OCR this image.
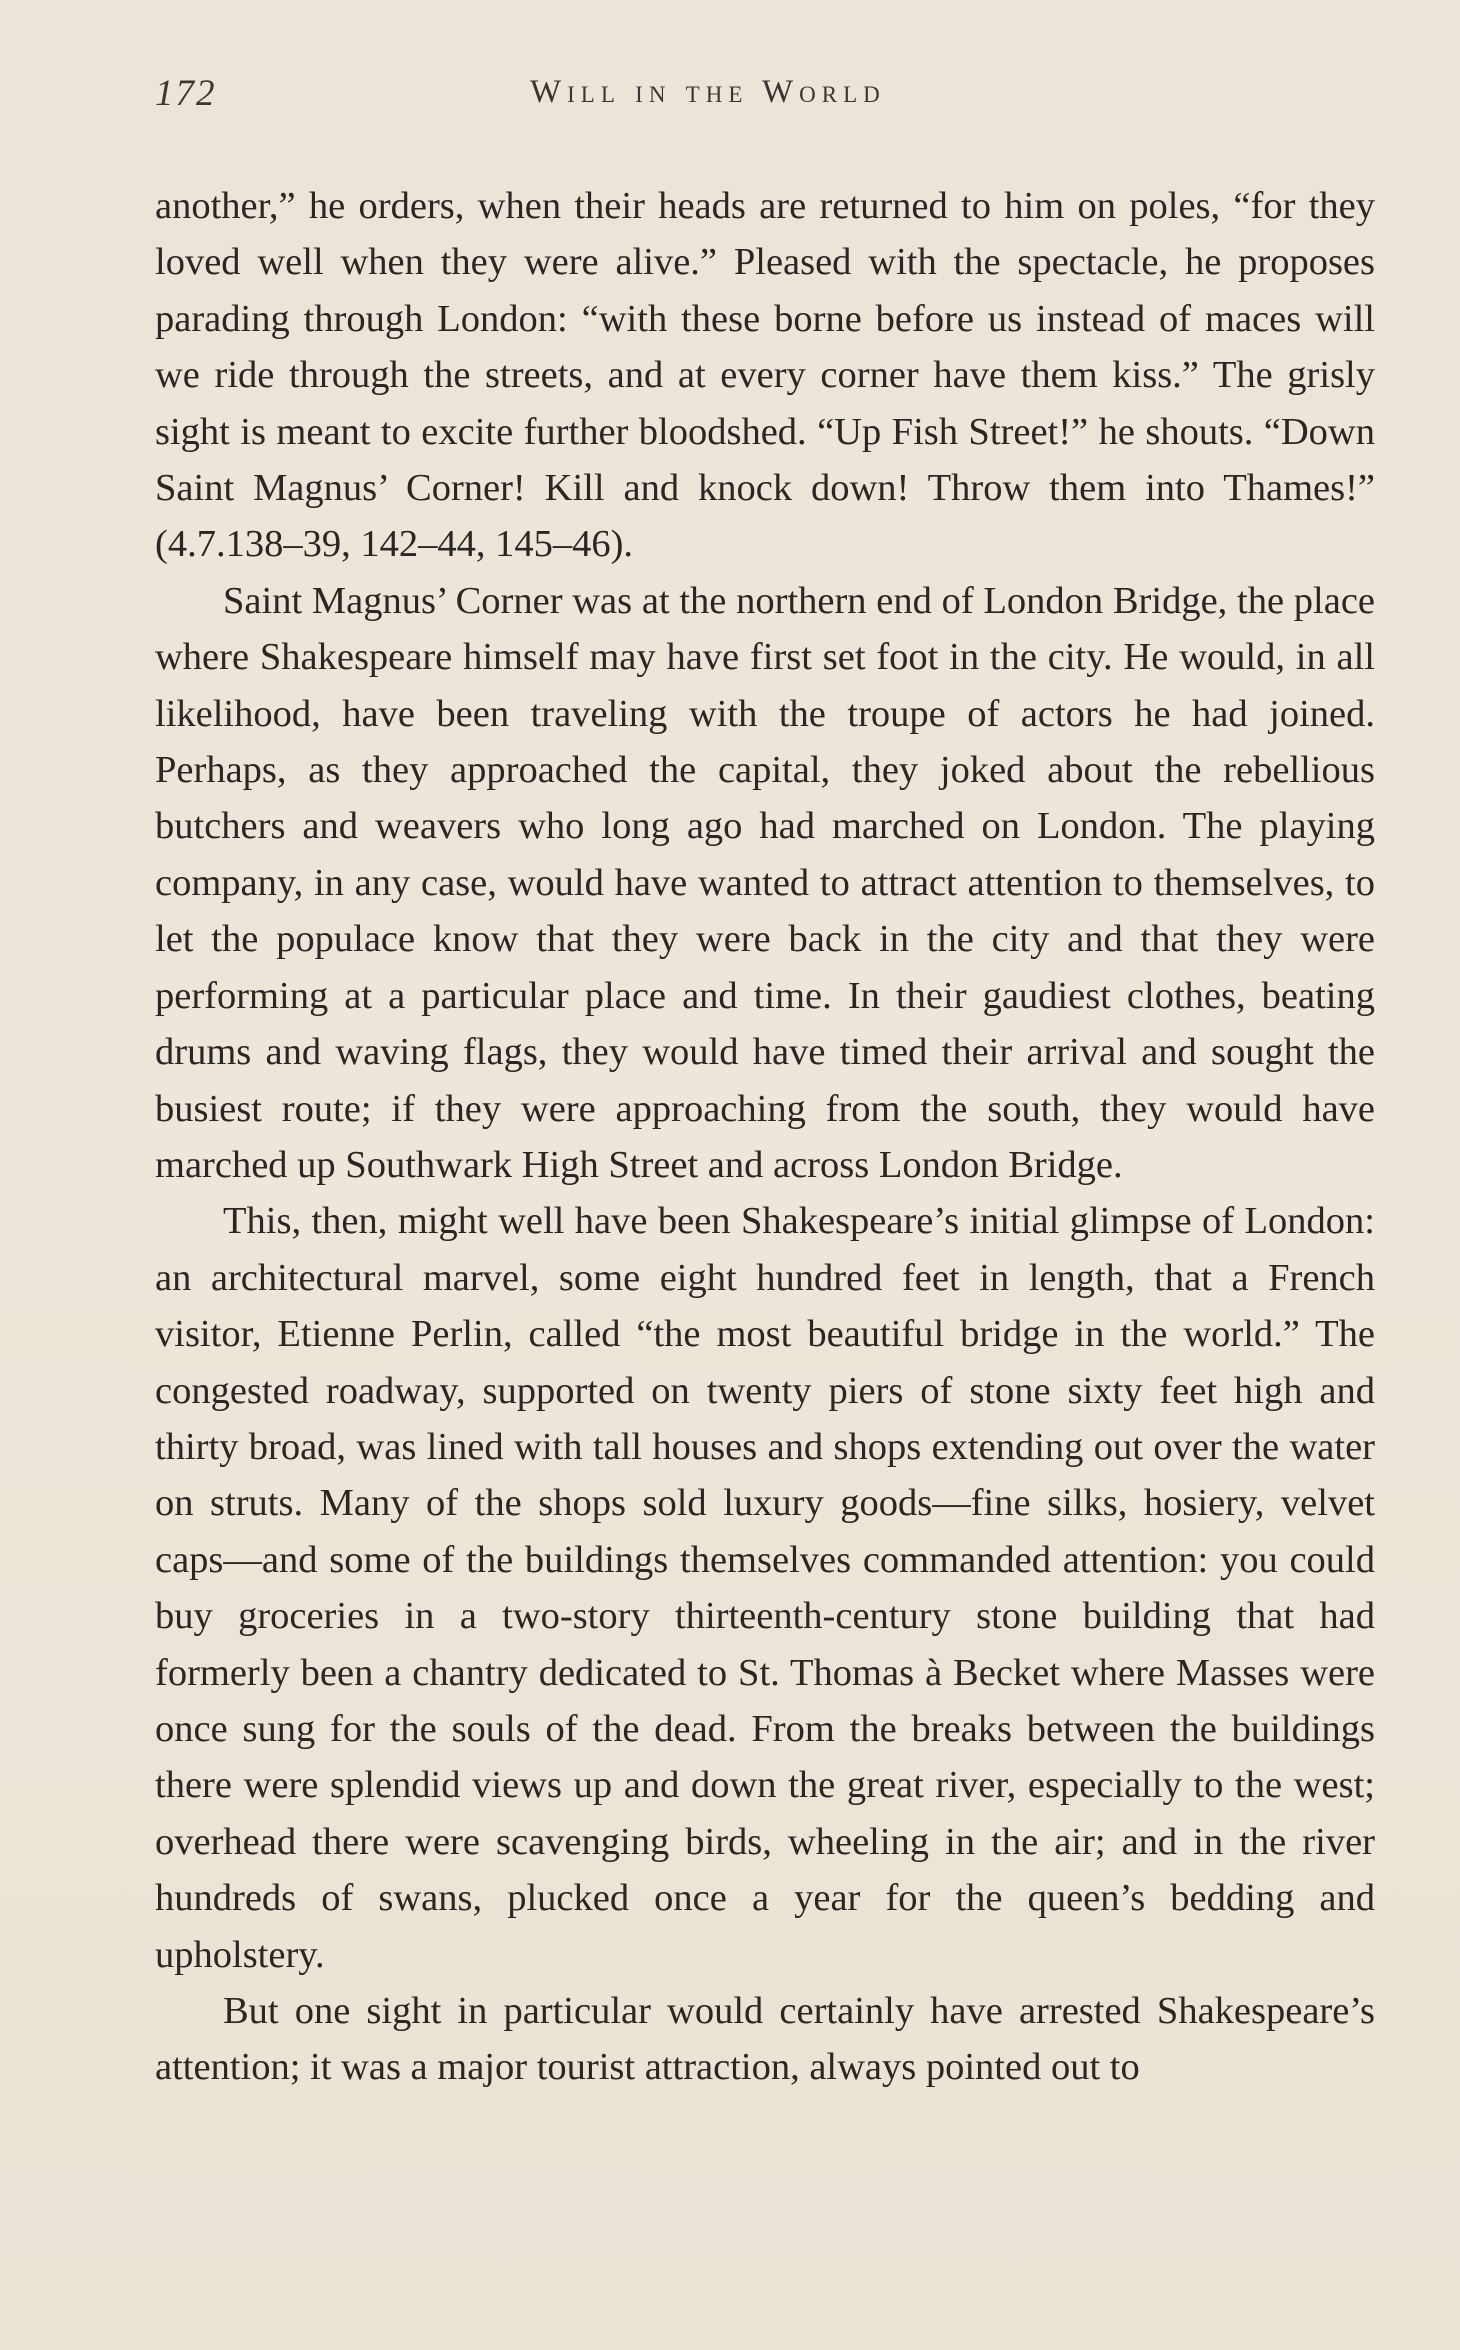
172	Will in the World

another,” he orders, when their heads are returned to him on poles, “for they loved well when they were alive.” Pleased with the spectacle, he proposes parading through London: “with these borne before us instead of maces will we ride through the streets, and at every corner have them kiss.” The grisly sight is meant to excite further bloodshed. “Up Fish Street!” he shouts. “Down Saint Magnus’ Corner! Kill and knock down! Throw them into Thames!” (4.7.138–39, 142–44, 145–46).

Saint Magnus’ Corner was at the northern end of London Bridge, the place where Shakespeare himself may have first set foot in the city. He would, in all likelihood, have been traveling with the troupe of actors he had joined. Perhaps, as they approached the capital, they joked about the rebellious butchers and weavers who long ago had marched on London. The playing company, in any case, would have wanted to attract attention to themselves, to let the populace know that they were back in the city and that they were performing at a particular place and time. In their gaudiest clothes, beating drums and waving flags, they would have timed their arrival and sought the busiest route; if they were approaching from the south, they would have marched up Southwark High Street and across London Bridge.

This, then, might well have been Shakespeare’s initial glimpse of London: an architectural marvel, some eight hundred feet in length, that a French visitor, Etienne Perlin, called “the most beautiful bridge in the world.” The congested roadway, supported on twenty piers of stone sixty feet high and thirty broad, was lined with tall houses and shops extending out over the water on struts. Many of the shops sold luxury goods—fine silks, hosiery, velvet caps—and some of the buildings themselves commanded attention: you could buy groceries in a two-story thirteenth-century stone building that had formerly been a chantry dedicated to St. Thomas à Becket where Masses were once sung for the souls of the dead. From the breaks between the buildings there were splendid views up and down the great river, especially to the west; overhead there were scavenging birds, wheeling in the air; and in the river hundreds of swans, plucked once a year for the queen’s bedding and upholstery.

But one sight in particular would certainly have arrested Shakespeare’s attention; it was a major tourist attraction, always pointed out to
